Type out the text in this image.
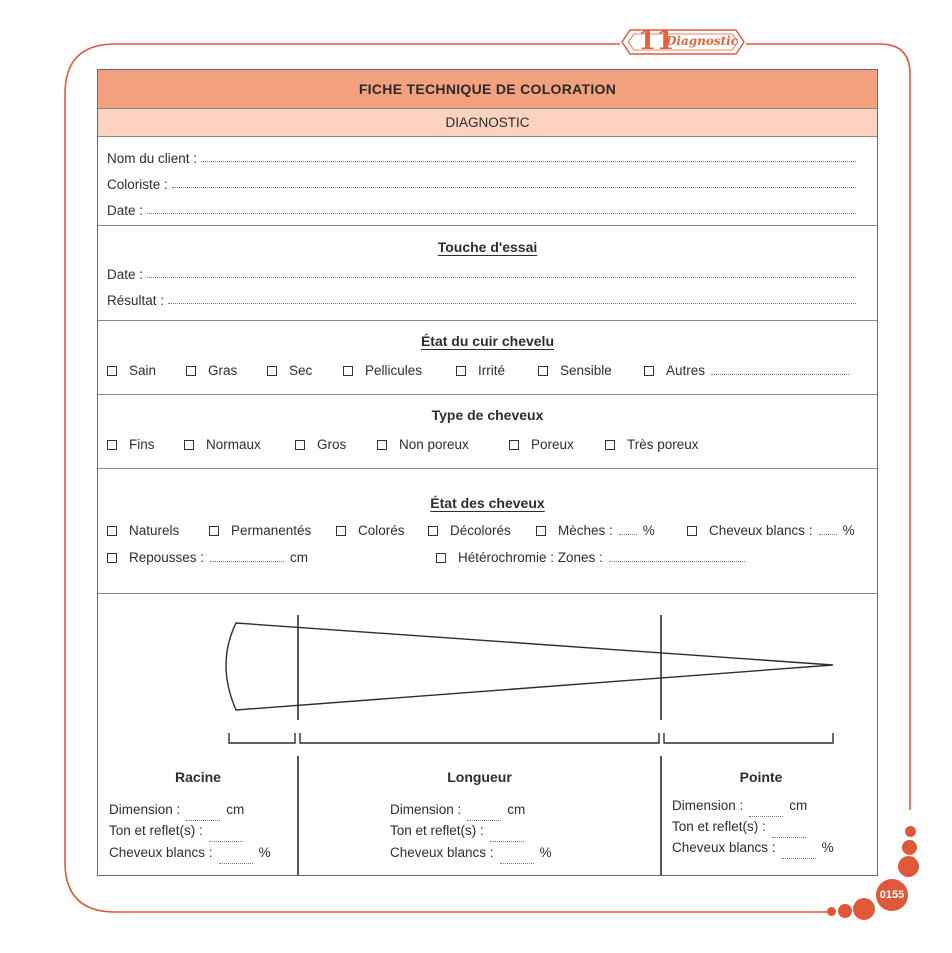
11
Diagnostic
FICHE TECHNIQUE DE COLORATION
DIAGNOSTIC
Nom du client :
Coloriste :
Date :
Touche d'essai
Date :
Résultat :
État du cuir chevelu
Sain	Gras	Sec	Pellicules	Irrité	Sensible	Autres
Type de cheveux
Fins	Normaux	Gros	Non poreux	Poreux	Très poreux
État des cheveux
Naturels	Permanentés	Colorés	Décolorés	Mèches : %	Cheveux blancs : %
Repousses :	cm	Hétérochromie : Zones :
Racine
Dimension :	cm
Ton et reflet(s) :
Cheveux blancs :	%
Longueur
Dimension :	cm
Ton et reflet(s) :
Cheveux blancs :	%
Pointe
Dimension :	cm
Ton et reflet(s) :
Cheveux blancs :	%
0155
